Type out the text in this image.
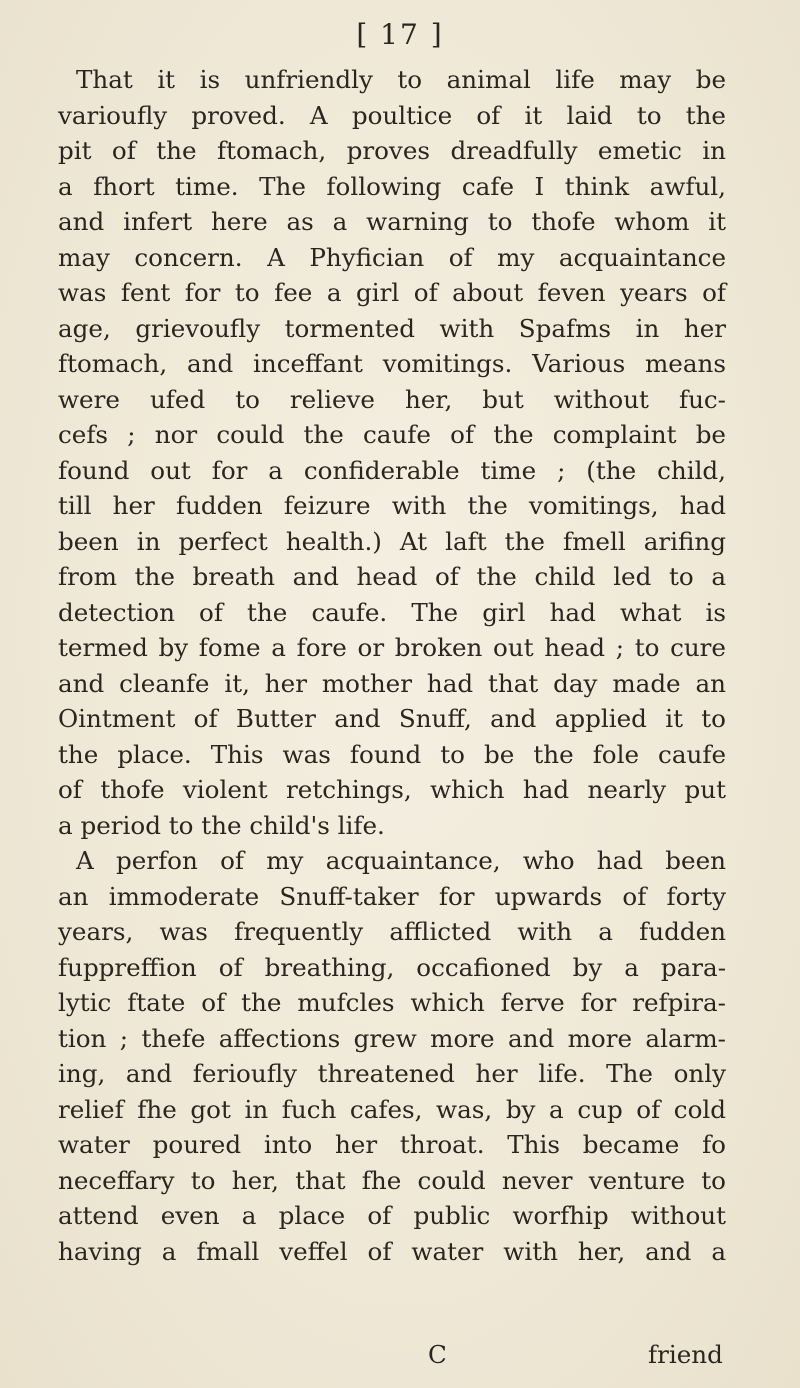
[ 17 ]
That it is unfriendly to animal life may be
varioufly proved. A poultice of it laid to the
pit of the ftomach, proves dreadfully emetic in
a fhort time. The following cafe I think awful,
and infert here as a warning to thofe whom it
may concern. A Phyfician of my acquaintance
was fent for to fee a girl of about feven years of
age, grievoufly tormented with Spafms in her
ftomach, and inceffant vomitings. Various means
were ufed to relieve her, but without fuc-
cefs ; nor could the caufe of the complaint be
found out for a confiderable time ; (the child,
till her fudden feizure with the vomitings, had
been in perfect health.) At laft the fmell arifing
from the breath and head of the child led to a
detection of the caufe. The girl had what is
termed by fome a fore or broken out head ; to cure
and cleanfe it, her mother had that day made an
Ointment of Butter and Snuff, and applied it to
the place. This was found to be the fole caufe
of thofe violent retchings, which had nearly put
a period to the child's life.
A perfon of my acquaintance, who had been
an immoderate Snuff-taker for upwards of forty
years, was frequently afflicted with a fudden
fuppreffion of breathing, occafioned by a para-
lytic ftate of the mufcles which ferve for refpira-
tion ; thefe affections grew more and more alarm-
ing, and ferioufly threatened her life. The only
relief fhe got in fuch cafes, was, by a cup of cold
water poured into her throat. This became fo
neceffary to her, that fhe could never venture to
attend even a place of public worfhip without
having a fmall veffel of water with her, and a
C	friend
